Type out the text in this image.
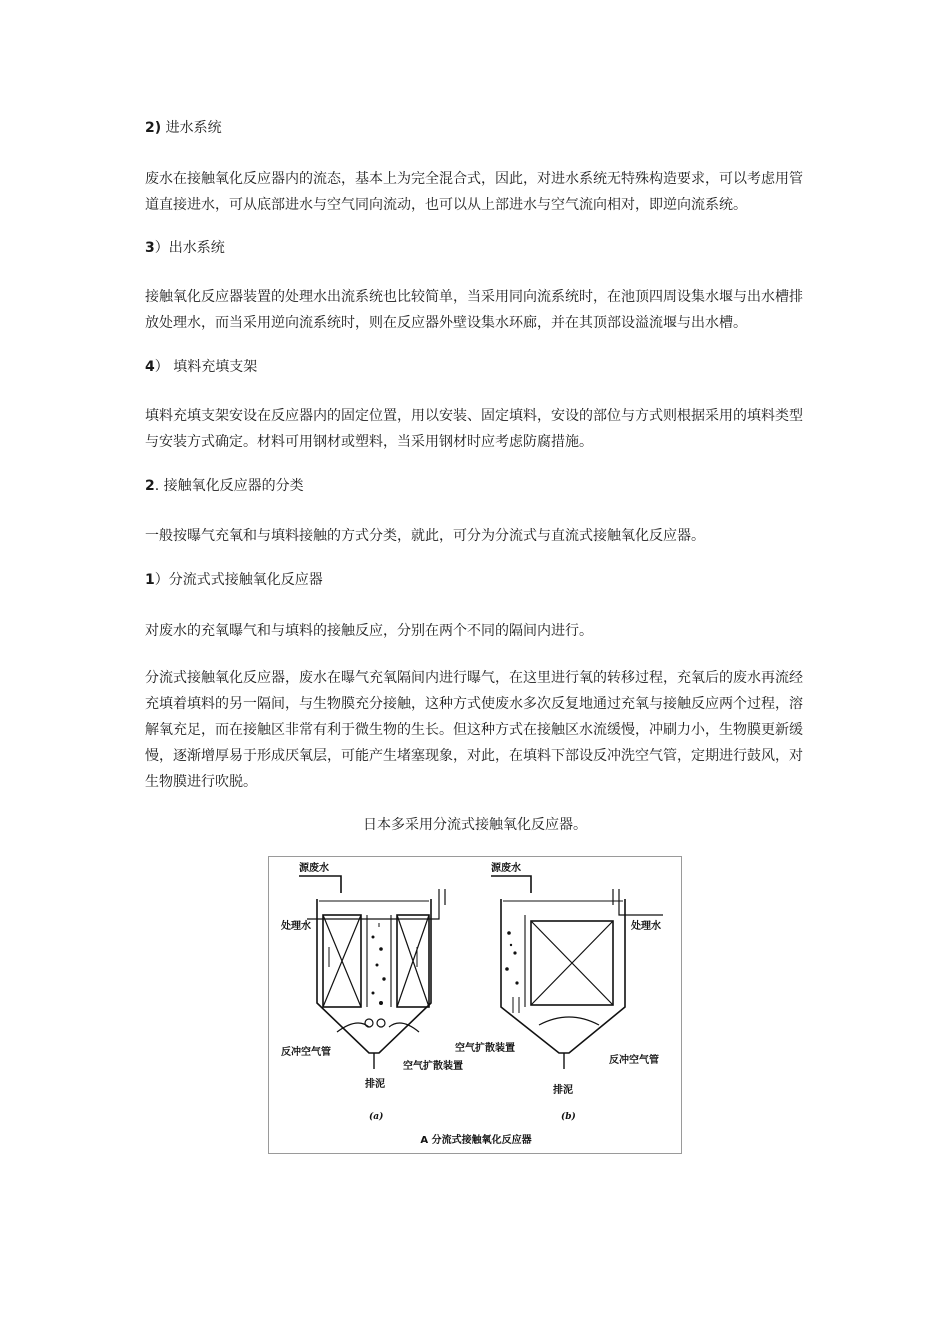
2) 进水系统

废水在接触氧化反应器内的流态，基本上为完全混合式，因此，对进水系统无特殊构造要求，可以考虑用管道直接进水，可从底部进水与空气同向流动，也可以从上部进水与空气流向相对，即逆向流系统。

3）出水系统

接触氧化反应器装置的处理水出流系统也比较简单，当采用同向流系统时，在池顶四周设集水堰与出水槽排放处理水，而当采用逆向流系统时，则在反应器外壁设集水环廊，并在其顶部设溢流堰与出水槽。

4） 填料充填支架

填料充填支架安设在反应器内的固定位置，用以安装、固定填料，安设的部位与方式则根据采用的填料类型与安装方式确定。材料可用钢材或塑料，当采用钢材时应考虑防腐措施。

2. 接触氧化反应器的分类

一般按曝气充氧和与填料接触的方式分类，就此，可分为分流式与直流式接触氧化反应器。

1）分流式式接触氧化反应器

对废水的充氧曝气和与填料的接触反应，分别在两个不同的隔间内进行。

分流式接触氧化反应器，废水在曝气充氧隔间内进行曝气，在这里进行氧的转移过程，充氧后的废水再流经充填着填料的另一隔间，与生物膜充分接触，这种方式使废水多次反复地通过充氧与接触反应两个过程，溶解氧充足，而在接触区非常有利于微生物的生长。但这种方式在接触区水流缓慢，冲刷力小，生物膜更新缓慢，逐渐增厚易于形成厌氧层，可能产生堵塞现象，对此，在填料下部设反冲洗空气管，定期进行鼓风，对生物膜进行吹脱。

日本多采用分流式接触氧化反应器。
源废水
处理水
反冲空气管
空气扩散装置
排泥
(a)
源废水
处理水
空气扩散装置
反冲空气管
排泥
(b)
A 分流式接触氧化反应器
